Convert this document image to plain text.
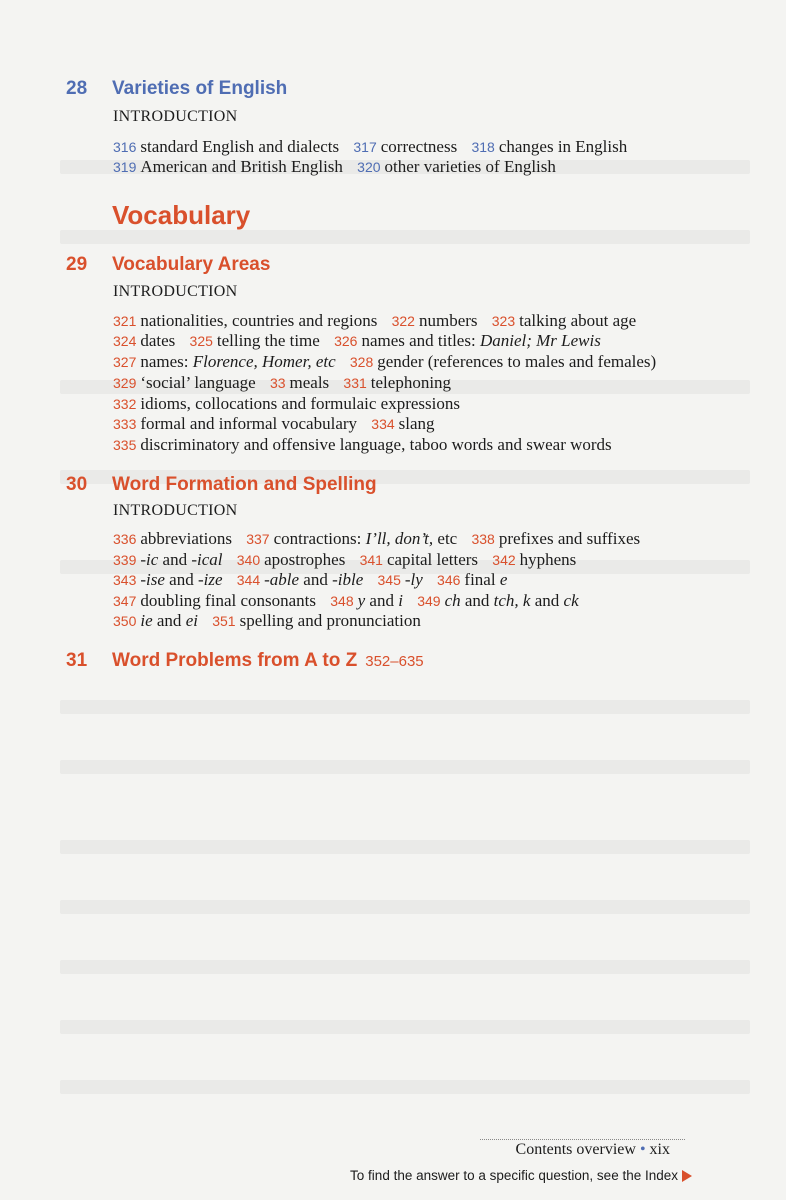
28	Varieties of English
INTRODUCTION
316 standard English and dialects 317 correctness 318 changes in English
319 American and British English 320 other varieties of English
Vocabulary
29	Vocabulary Areas
INTRODUCTION
321 nationalities, countries and regions 322 numbers 323 talking about age
324 dates 325 telling the time 326 names and titles: Daniel; Mr Lewis
327 names: Florence, Homer, etc 328 gender (references to males and females)
329 ‘social’ language 33 meals 331 telephoning
332 idioms, collocations and formulaic expressions
333 formal and informal vocabulary 334 slang
335 discriminatory and offensive language, taboo words and swear words
30	Word Formation and Spelling
INTRODUCTION
336 abbreviations 337 contractions: I’ll, don’t, etc 338 prefixes and suffixes
339 -ic and -ical 340 apostrophes 341 capital letters 342 hyphens
343 -ise and -ize 344 -able and -ible 345 -ly 346 final e
347 doubling final consonants 348 y and i 349 ch and tch, k and ck
350 ie and ei 351 spelling and pronunciation
31	Word Problems from A to Z 352–635
Contents overview • xix
To find the answer to a specific question, see the Index
